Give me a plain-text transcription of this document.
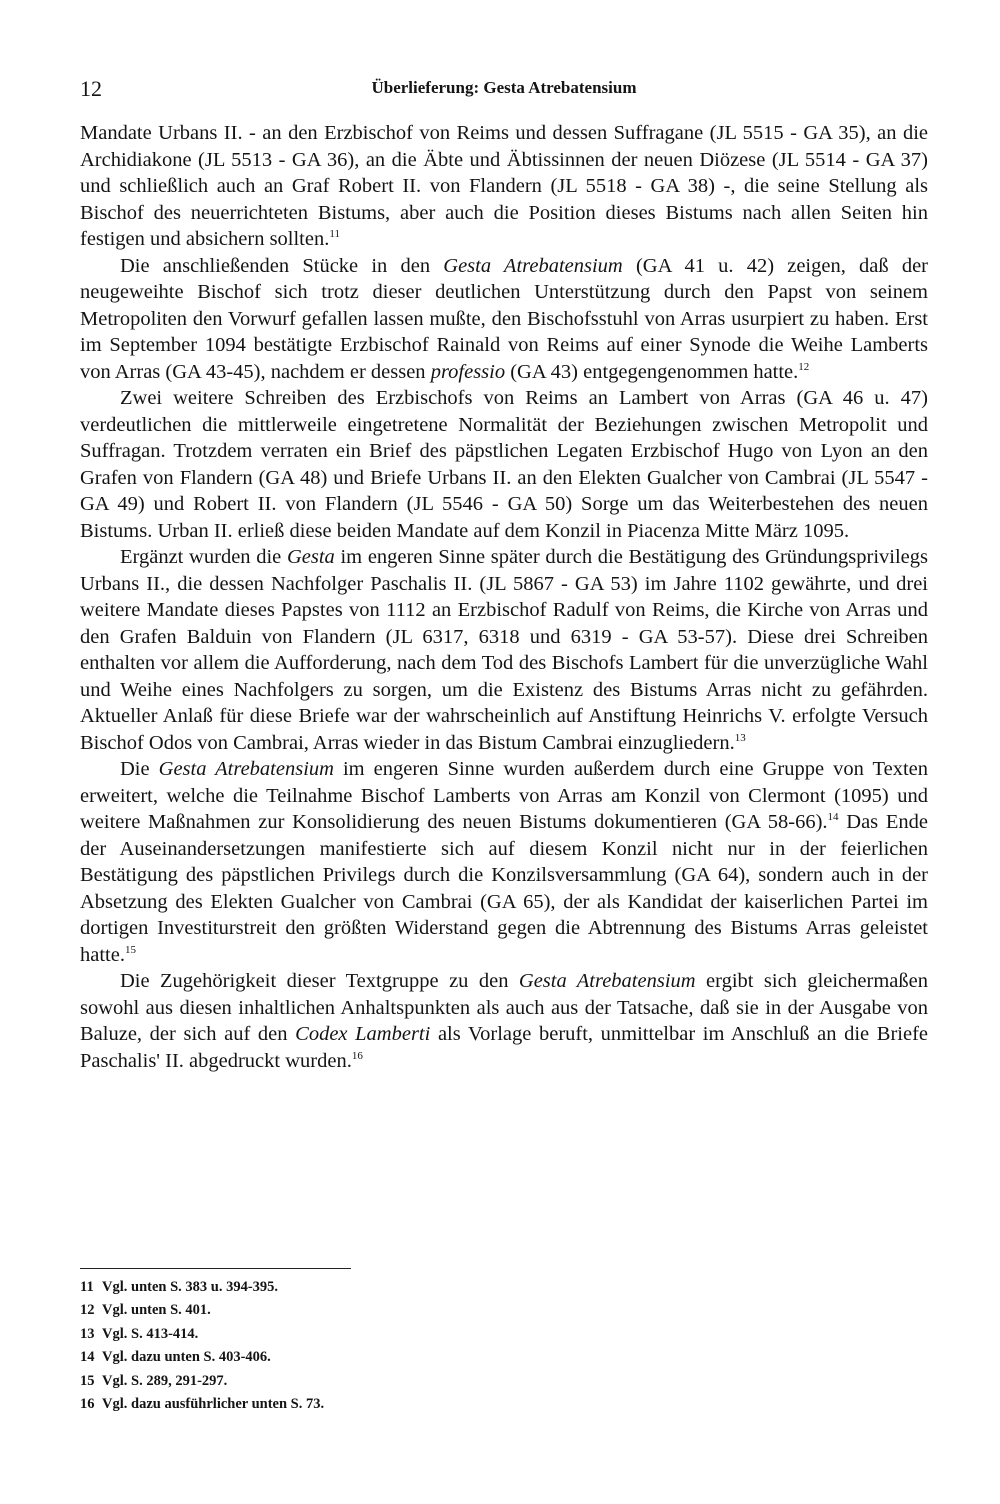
12	Überlieferung: Gesta Atrebatensium

Mandate Urbans II. - an den Erzbischof von Reims und dessen Suffragane (JL 5515 - GA 35), an die Archidiakone (JL 5513 - GA 36), an die Äbte und Äbtissinnen der neuen Diözese (JL 5514 - GA 37) und schließlich auch an Graf Robert II. von Flandern (JL 5518 - GA 38) -, die seine Stellung als Bischof des neuerrichteten Bistums, aber auch die Position dieses Bistums nach allen Seiten hin festigen und absichern sollten.$^{11}$

Die anschließenden Stücke in den Gesta Atrebatensium (GA 41 u. 42) zeigen, daß der neugeweihte Bischof sich trotz dieser deutlichen Unterstützung durch den Papst von seinem Metropoliten den Vorwurf gefallen lassen mußte, den Bischofsstuhl von Arras usurpiert zu haben. Erst im September 1094 bestätigte Erzbischof Rainald von Reims auf einer Synode die Weihe Lamberts von Arras (GA 43-45), nachdem er dessen professio (GA 43) entgegengenommen hatte.$^{12}$

Zwei weitere Schreiben des Erzbischofs von Reims an Lambert von Arras (GA 46 u. 47) verdeutlichen die mittlerweile eingetretene Normalität der Beziehungen zwischen Metropolit und Suffragan. Trotzdem verraten ein Brief des päpstlichen Legaten Erzbischof Hugo von Lyon an den Grafen von Flandern (GA 48) und Briefe Urbans II. an den Elekten Gualcher von Cambrai (JL 5547 - GA 49) und Robert II. von Flandern (JL 5546 - GA 50) Sorge um das Weiterbestehen des neuen Bistums. Urban II. erließ diese beiden Mandate auf dem Konzil in Piacenza Mitte März 1095.

Ergänzt wurden die Gesta im engeren Sinne später durch die Bestätigung des Gründungsprivilegs Urbans II., die dessen Nachfolger Paschalis II. (JL 5867 - GA 53) im Jahre 1102 gewährte, und drei weitere Mandate dieses Papstes von 1112 an Erzbischof Radulf von Reims, die Kirche von Arras und den Grafen Balduin von Flandern (JL 6317, 6318 und 6319 - GA 53-57). Diese drei Schreiben enthalten vor allem die Aufforderung, nach dem Tod des Bischofs Lambert für die unverzügliche Wahl und Weihe eines Nachfolgers zu sorgen, um die Existenz des Bistums Arras nicht zu gefährden. Aktueller Anlaß für diese Briefe war der wahrscheinlich auf Anstiftung Heinrichs V. erfolgte Versuch Bischof Odos von Cambrai, Arras wieder in das Bistum Cambrai einzugliedern.$^{13}$

Die Gesta Atrebatensium im engeren Sinne wurden außerdem durch eine Gruppe von Texten erweitert, welche die Teilnahme Bischof Lamberts von Arras am Konzil von Clermont (1095) und weitere Maßnahmen zur Konsolidierung des neuen Bistums dokumentieren (GA 58-66).$^{14}$ Das Ende der Auseinandersetzungen manifestierte sich auf diesem Konzil nicht nur in der feierlichen Bestätigung des päpstlichen Privilegs durch die Konzilsversammlung (GA 64), sondern auch in der Absetzung des Elekten Gualcher von Cambrai (GA 65), der als Kandidat der kaiserlichen Partei im dortigen Investiturstreit den größten Widerstand gegen die Abtrennung des Bistums Arras geleistet hatte.$^{15}$

Die Zugehörigkeit dieser Textgruppe zu den Gesta Atrebatensium ergibt sich gleichermaßen sowohl aus diesen inhaltlichen Anhaltspunkten als auch aus der Tatsache, daß sie in der Ausgabe von Baluze, der sich auf den Codex Lamberti als Vorlage beruft, unmittelbar im Anschluß an die Briefe Paschalis' II. abgedruckt wurden.$^{16}$

11 Vgl. unten S. 383 u. 394-395.
12 Vgl. unten S. 401.
13 Vgl. S. 413-414.
14 Vgl. dazu unten S. 403-406.
15 Vgl. S. 289, 291-297.
16 Vgl. dazu ausführlicher unten S. 73.
